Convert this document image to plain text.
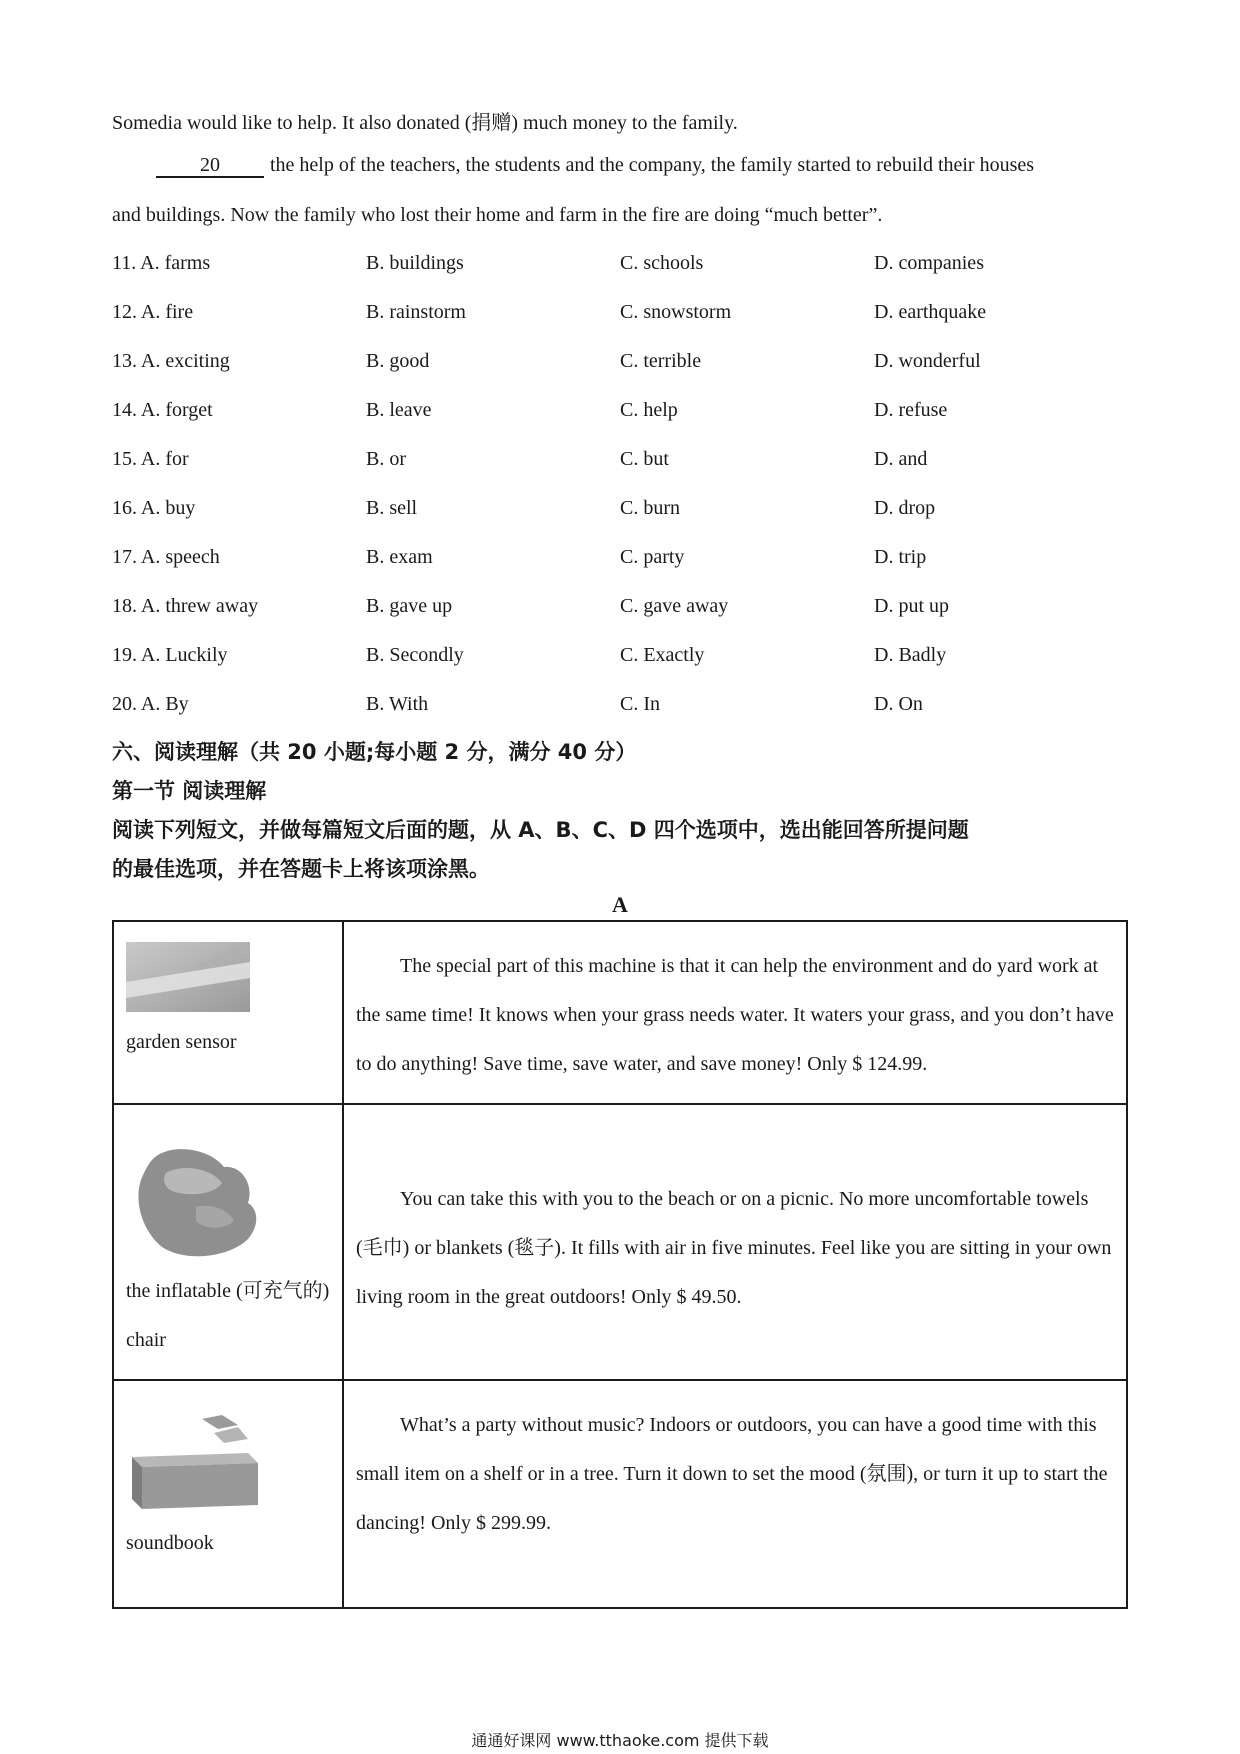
Somedia would like to help. It also donated (捐赠) much money to the family.
20	the help of the teachers, the students and the company, the family started to rebuild their houses
and buildings. Now the family who lost their home and farm in the fire are doing “much better”.
11. A. farms	B. buildings	C. schools	D. companies
12. A. fire	B. rainstorm	C. snowstorm	D. earthquake
13. A. exciting	B. good	C. terrible	D. wonderful
14. A. forget	B. leave	C. help	D. refuse
15. A. for	B. or	C. but	D. and
16. A. buy	B. sell	C. burn	D. drop
17. A. speech	B. exam	C. party	D. trip
18. A. threw away	B. gave up	C. gave away	D. put up
19. A. Luckily	B. Secondly	C. Exactly	D. Badly
20. A. By	B. With	C. In	D. On
六、阅读理解（共 20 小题;每小题 2 分，满分 40 分）
第一节 阅读理解
阅读下列短文，并做每篇短文后面的题，从 A、B、C、D 四个选项中，选出能回答所提问题
的最佳选项，并在答题卡上将该项涂黑。
A
garden sensor	The special part of this machine is that it can help the environment and do yard work at the same time! It knows when your grass needs water. It waters your grass, and you don’t have to do anything! Save time, save water, and save money! Only $ 124.99.

the inflatable (可充气的) chair	You can take this with you to the beach or on a picnic. No more uncomfortable towels (毛巾) or blankets (毯子). It fills with air in five minutes. Feel like you are sitting in your own living room in the great outdoors! Only $ 49.50.

soundbook	What’s a party without music? Indoors or outdoors, you can have a good time with this small item on a shelf or in a tree. Turn it down to set the mood (氛围), or turn it up to start the dancing! Only $ 299.99.

通通好课网 www.tthaoke.com 提供下载
